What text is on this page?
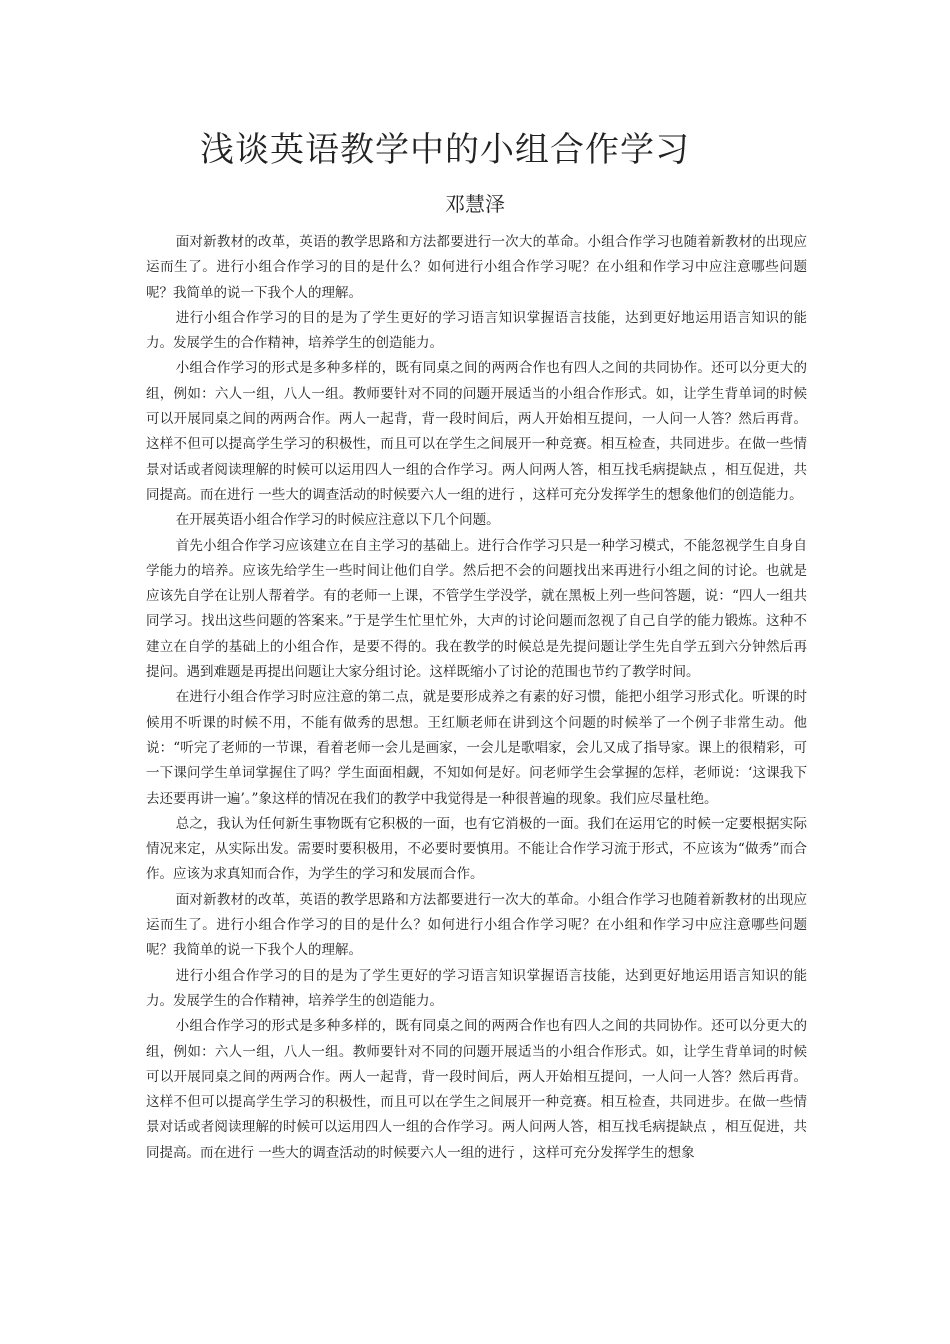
浅谈英语教学中的小组合作学习
邓慧泽

面对新教材的改革，英语的教学思路和方法都要进行一次大的革命。小组合作学习也随着新教材的出现应运而生了。进行小组合作学习的目的是什么？如何进行小组合作学习呢？在小组和作学习中应注意哪些问题呢？我简单的说一下我个人的理解。

进行小组合作学习的目的是为了学生更好的学习语言知识掌握语言技能，达到更好地运用语言知识的能力。发展学生的合作精神，培养学生的创造能力。

小组合作学习的形式是多种多样的，既有同桌之间的两两合作也有四人之间的共同协作。还可以分更大的组，例如：六人一组，八人一组。教师要针对不同的问题开展适当的小组合作形式。如，让学生背单词的时候可以开展同桌之间的两两合作。两人一起背，背一段时间后，两人开始相互提问，一人问一人答？然后再背。这样不但可以提高学生学习的积极性，而且可以在学生之间展开一种竞赛。相互检查，共同进步。在做一些情景对话或者阅读理解的时候可以运用四人一组的合作学习。两人问两人答，相互找毛病提缺点 ，相互促进，共同提高。而在进行 一些大的调查活动的时候要六人一组的进行 ，这样可充分发挥学生的想象他们的创造能力。

在开展英语小组合作学习的时候应注意以下几个问题。

首先小组合作学习应该建立在自主学习的基础上。进行合作学习只是一种学习模式，不能忽视学生自身自学能力的培养。应该先给学生一些时间让他们自学。然后把不会的问题找出来再进行小组之间的讨论。也就是应该先自学在让别人帮着学。有的老师一上课，不管学生学没学，就在黑板上列一些问答题，说：“四人一组共同学习。找出这些问题的答案来。”于是学生忙里忙外，大声的讨论问题而忽视了自己自学的能力锻炼。这种不建立在自学的基础上的小组合作，是要不得的。我在教学的时候总是先提问题让学生先自学五到六分钟然后再提问。遇到难题是再提出问题让大家分组讨论。这样既缩小了讨论的范围也节约了教学时间。

在进行小组合作学习时应注意的第二点，就是要形成养之有素的好习惯，能把小组学习形式化。听课的时候用不听课的时候不用，不能有做秀的思想。王红顺老师在讲到这个问题的时候举了一个例子非常生动。他说：“听完了老师的一节课，看着老师一会儿是画家，一会儿是歌唱家，会儿又成了指导家。课上的很精彩，可一下课问学生单词掌握住了吗？学生面面相觑，不知如何是好。问老师学生会掌握的怎样，老师说：‘这课我下去还要再讲一遍’。”象这样的情况在我们的教学中我觉得是一种很普遍的现象。我们应尽量杜绝。

总之，我认为任何新生事物既有它积极的一面，也有它消极的一面。我们在运用它的时候一定要根据实际情况来定，从实际出发。需要时要积极用，不必要时要慎用。不能让合作学习流于形式，不应该为“做秀”而合作。应该为求真知而合作，为学生的学习和发展而合作。

面对新教材的改革，英语的教学思路和方法都要进行一次大的革命。小组合作学习也随着新教材的出现应运而生了。进行小组合作学习的目的是什么？如何进行小组合作学习呢？在小组和作学习中应注意哪些问题呢？我简单的说一下我个人的理解。

进行小组合作学习的目的是为了学生更好的学习语言知识掌握语言技能，达到更好地运用语言知识的能力。发展学生的合作精神，培养学生的创造能力。

小组合作学习的形式是多种多样的，既有同桌之间的两两合作也有四人之间的共同协作。还可以分更大的组，例如：六人一组，八人一组。教师要针对不同的问题开展适当的小组合作形式。如，让学生背单词的时候可以开展同桌之间的两两合作。两人一起背，背一段时间后，两人开始相互提问，一人问一人答？然后再背。这样不但可以提高学生学习的积极性，而且可以在学生之间展开一种竞赛。相互检查，共同进步。在做一些情景对话或者阅读理解的时候可以运用四人一组的合作学习。两人问两人答，相互找毛病提缺点 ，相互促进，共同提高。而在进行 一些大的调查活动的时候要六人一组的进行 ，这样可充分发挥学生的想象
